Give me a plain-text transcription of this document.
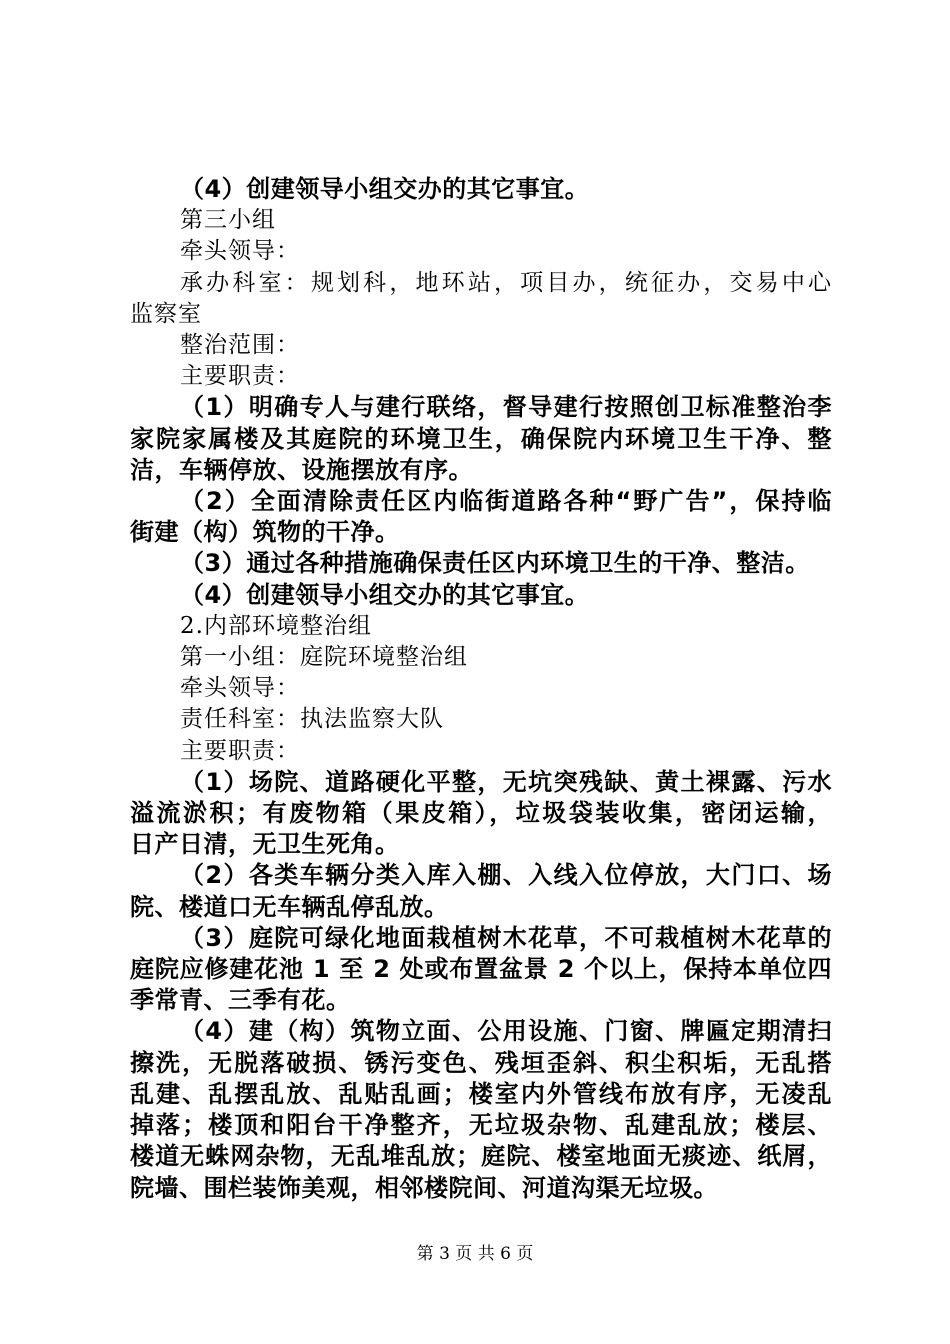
（4）创建领导小组交办的其它事宜。
第三小组
牵头领导：
承办科室：规划科，地环站，项目办，统征办，交易中心
监察室
整治范围：
主要职责：
（1）明确专人与建行联络，督导建行按照创卫标准整治李
家院家属楼及其庭院的环境卫生，确保院内环境卫生干净、整
洁，车辆停放、设施摆放有序。
（2）全面清除责任区内临街道路各种“野广告”，保持临
街建（构）筑物的干净。
（3）通过各种措施确保责任区内环境卫生的干净、整洁。
（4）创建领导小组交办的其它事宜。
2.内部环境整治组
第一小组：庭院环境整治组
牵头领导：
责任科室：执法监察大队
主要职责：
（1）场院、道路硬化平整，无坑突残缺、黄土裸露、污水
溢流淤积；有废物箱（果皮箱），垃圾袋装收集，密闭运输，
日产日清，无卫生死角。
（2）各类车辆分类入库入棚、入线入位停放，大门口、场
院、楼道口无车辆乱停乱放。
（3）庭院可绿化地面栽植树木花草，不可栽植树木花草的
庭院应修建花池 1 至 2 处或布置盆景 2 个以上，保持本单位四
季常青、三季有花。
（4）建（构）筑物立面、公用设施、门窗、牌匾定期清扫
擦洗，无脱落破损、锈污变色、残垣歪斜、积尘积垢，无乱搭
乱建、乱摆乱放、乱贴乱画；楼室内外管线布放有序，无凌乱
掉落；楼顶和阳台干净整齐，无垃圾杂物、乱建乱放；楼层、
楼道无蛛网杂物，无乱堆乱放；庭院、楼室地面无痰迹、纸屑，
院墙、围栏装饰美观，相邻楼院间、河道沟渠无垃圾。
第 3 页 共 6 页
